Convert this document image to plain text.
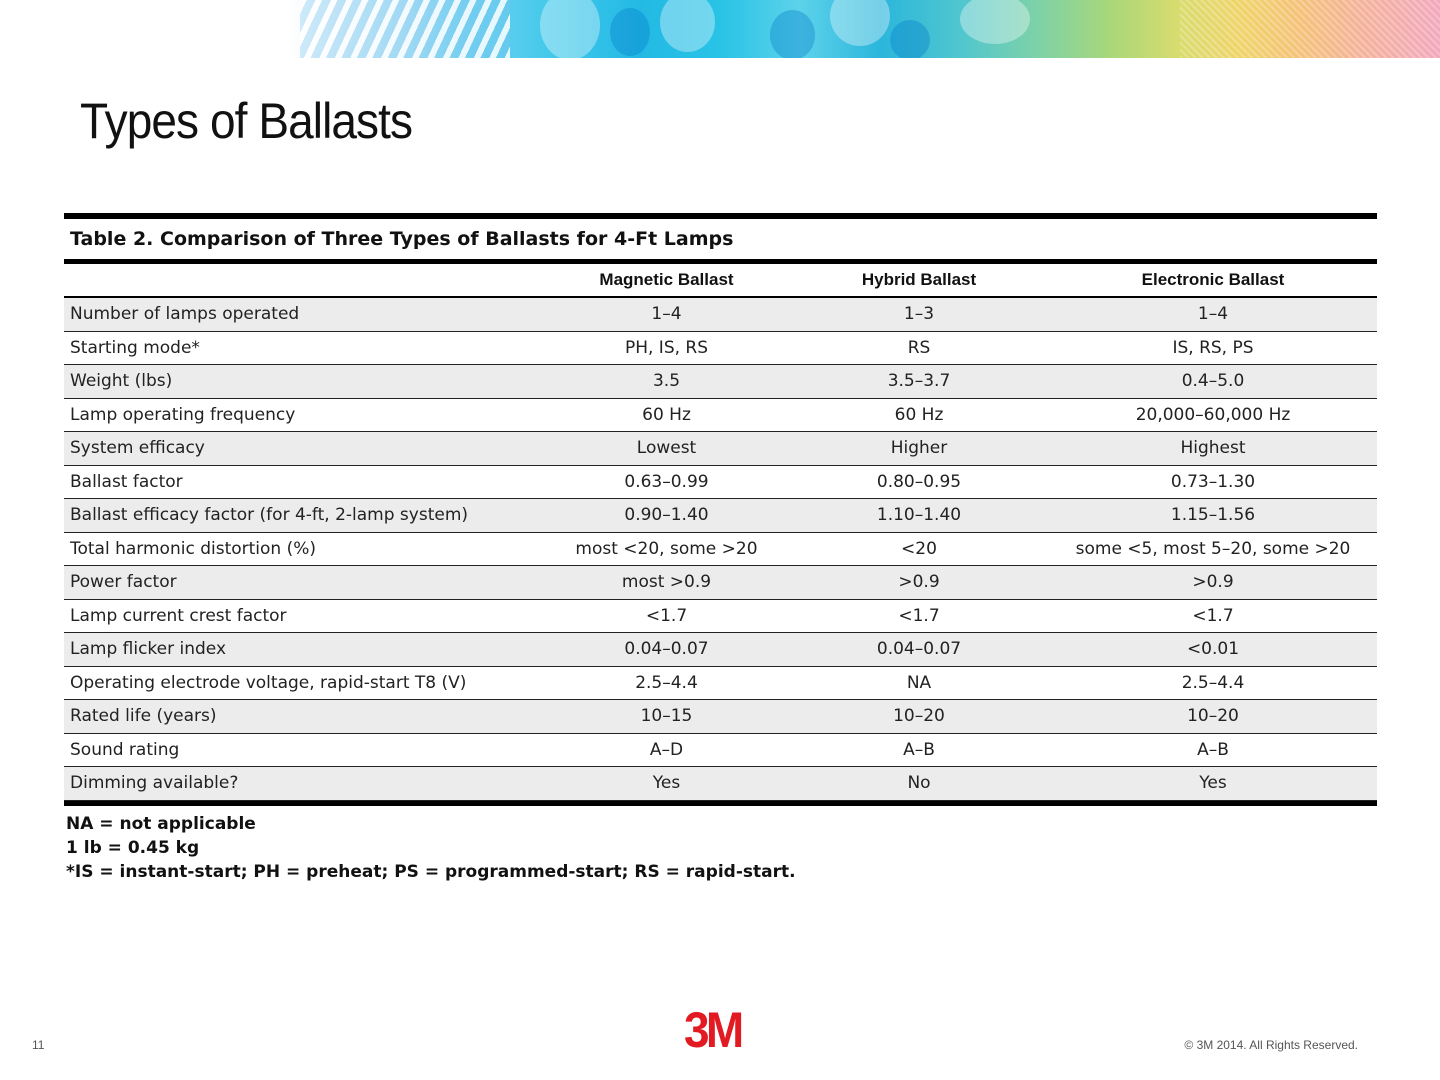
Types of Ballasts
Table 2. Comparison of Three Types of Ballasts for 4-Ft Lamps
	Magnetic Ballast	Hybrid Ballast	Electronic Ballast
Number of lamps operated	1–4	1–3	1–4
Starting mode*	PH, IS, RS	RS	IS, RS, PS
Weight (lbs)	3.5	3.5–3.7	0.4–5.0
Lamp operating frequency	60 Hz	60 Hz	20,000–60,000 Hz
System efficacy	Lowest	Higher	Highest
Ballast factor	0.63–0.99	0.80–0.95	0.73–1.30
Ballast efficacy factor (for 4-ft, 2-lamp system)	0.90–1.40	1.10–1.40	1.15–1.56
Total harmonic distortion (%)	most <20, some >20	<20	some <5, most 5–20, some >20
Power factor	most >0.9	>0.9	>0.9
Lamp current crest factor	<1.7	<1.7	<1.7
Lamp flicker index	0.04–0.07	0.04–0.07	<0.01
Operating electrode voltage, rapid-start T8 (V)	2.5–4.4	NA	2.5–4.4
Rated life (years)	10–15	10–20	10–20
Sound rating	A–D	A–B	A–B
Dimming available?	Yes	No	Yes
NA = not applicable
1 lb = 0.45 kg
*IS = instant-start; PH = preheat; PS = programmed-start; RS = rapid-start.
11	3M	© 3M 2014. All Rights Reserved.
